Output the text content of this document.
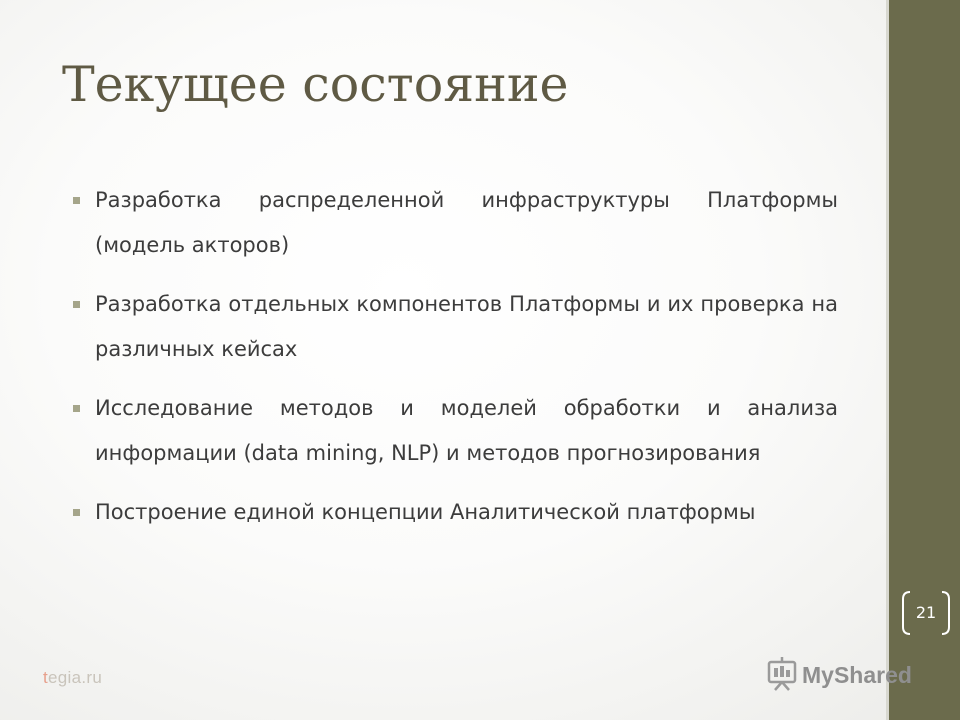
Текущее состояние
Разработка распределенной инфраструктуры Платформы (модель акторов)
Разработка отдельных компонентов Платформы и их проверка на различных кейсах
Исследование методов и моделей обработки и анализа информации (data mining, NLP) и методов прогнозирования
Построение единой концепции Аналитической платформы
21
tegia.ru	MyShared
